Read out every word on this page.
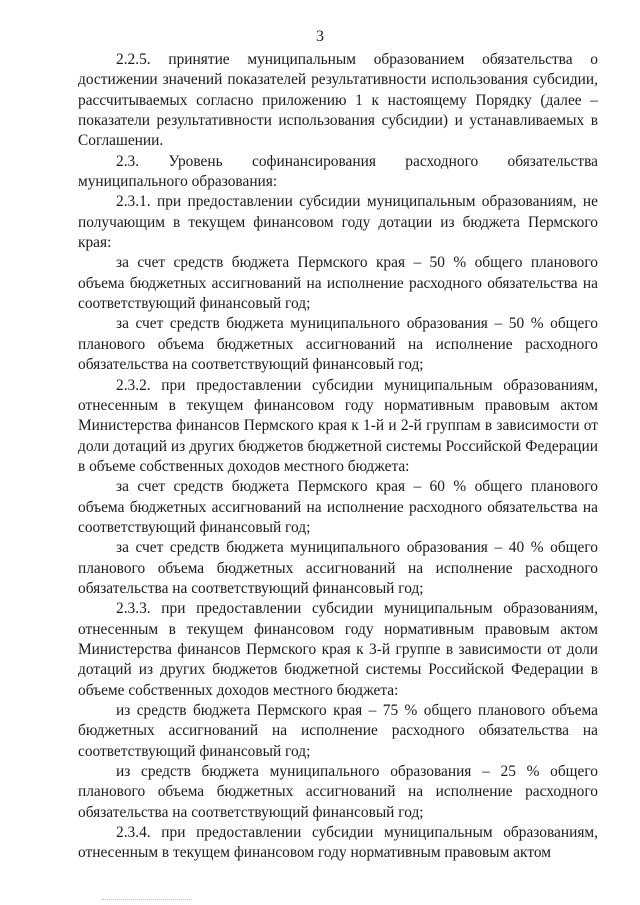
3

2.2.5. принятие муниципальным образованием обязательства о достижении значений показателей результативности использования субсидии, рассчитываемых согласно приложению 1 к настоящему Порядку (далее – показатели результативности использования субсидии) и устанавливаемых в Соглашении.

2.3. Уровень софинансирования расходного обязательства муниципального образования:

2.3.1. при предоставлении субсидии муниципальным образованиям, не получающим в текущем финансовом году дотации из бюджета Пермского края:

за счет средств бюджета Пермского края – 50 % общего планового объема бюджетных ассигнований на исполнение расходного обязательства на соответствующий финансовый год;

за счет средств бюджета муниципального образования – 50 % общего планового объема бюджетных ассигнований на исполнение расходного обязательства на соответствующий финансовый год;

2.3.2. при предоставлении субсидии муниципальным образованиям, отнесенным в текущем финансовом году нормативным правовым актом Министерства финансов Пермского края к 1-й и 2-й группам в зависимости от доли дотаций из других бюджетов бюджетной системы Российской Федерации в объеме собственных доходов местного бюджета:

за счет средств бюджета Пермского края – 60 % общего планового объема бюджетных ассигнований на исполнение расходного обязательства на соответствующий финансовый год;

за счет средств бюджета муниципального образования – 40 % общего планового объема бюджетных ассигнований на исполнение расходного обязательства на соответствующий финансовый год;

2.3.3. при предоставлении субсидии муниципальным образованиям, отнесенным в текущем финансовом году нормативным правовым актом Министерства финансов Пермского края к 3-й группе в зависимости от доли дотаций из других бюджетов бюджетной системы Российской Федерации в объеме собственных доходов местного бюджета:

из средств бюджета Пермского края – 75 % общего планового объема бюджетных ассигнований на исполнение расходного обязательства на соответствующий финансовый год;

из средств бюджета муниципального образования – 25 % общего планового объема бюджетных ассигнований на исполнение расходного обязательства на соответствующий финансовый год;

2.3.4. при предоставлении субсидии муниципальным образованиям, отнесенным в текущем финансовом году нормативным правовым актом
